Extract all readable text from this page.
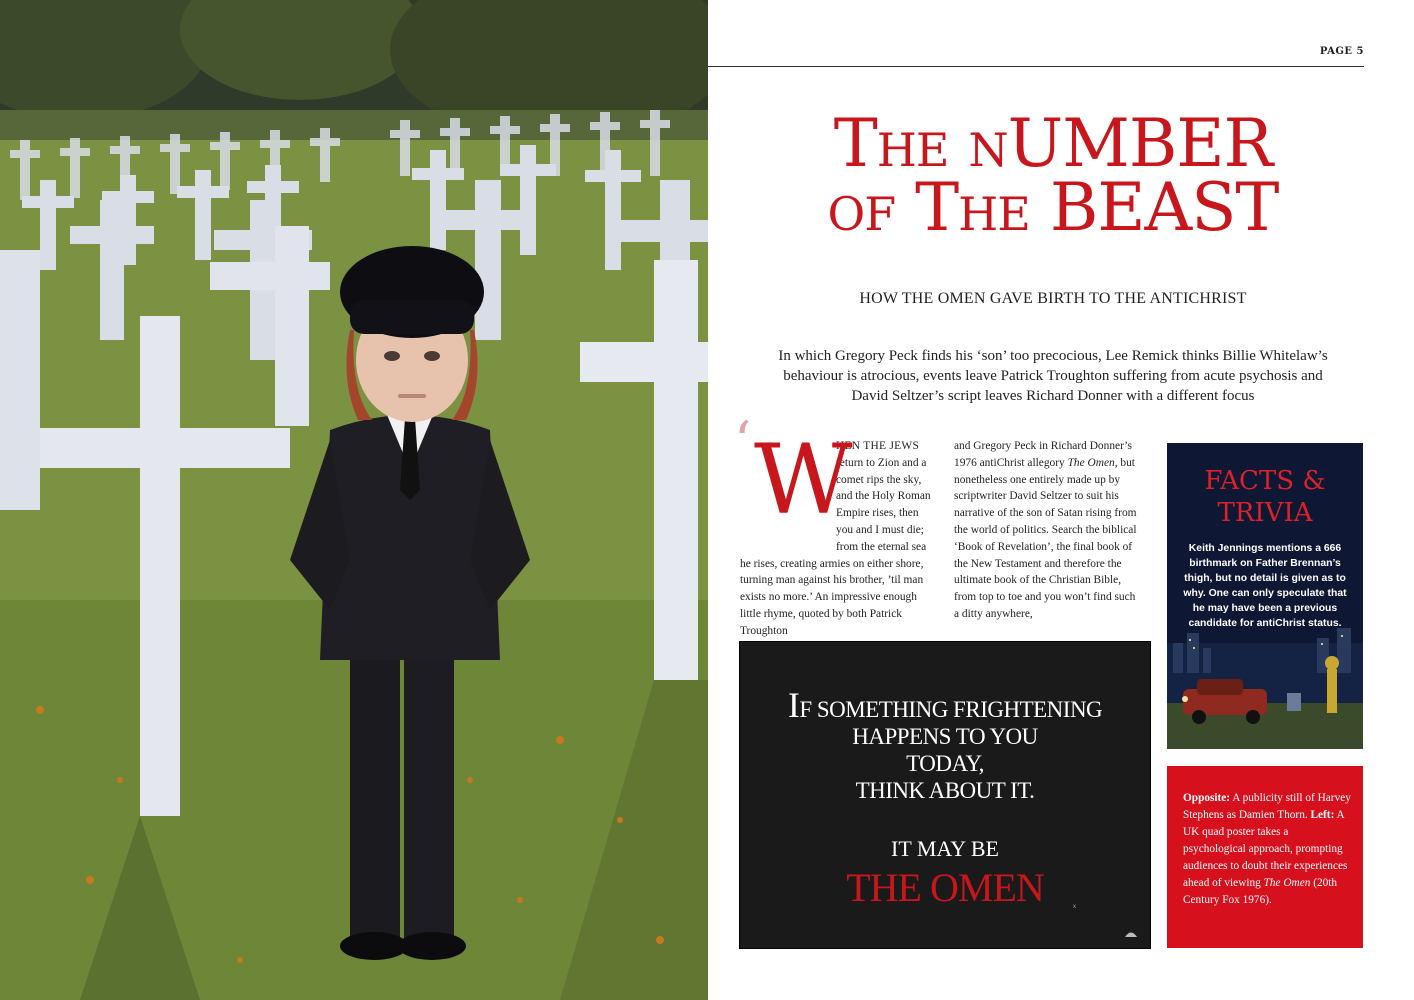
PAGE 5
The nUMBER
of The BEAST
HOW THE OMEN GAVE BIRTH TO THE ANTICHRIST
In which Gregory Peck finds his ‘son’ too precocious, Lee Remick thinks Billie Whitelaw’s behaviour is atrocious, events leave Patrick Troughton suffering from acute psychosis and David Seltzer’s script leaves Richard Donner with a different focus
‘ W
HEN THE JEWS return to Zion and a comet rips the sky, and the Holy Roman Empire rises, then you and I must die; from the eternal sea he rises, creating armies on either shore, turning man against his brother, ’til man exists no more.’ An impressive enough little rhyme, quoted by both Patrick Troughton
and Gregory Peck in Richard Donner’s 1976 antiChrist allegory The Omen, but nonetheless one entirely made up by scriptwriter David Seltzer to suit his narrative of the son of Satan rising from the world of politics. Search the biblical ‘Book of Revelation’, the final book of the New Testament and therefore the ultimate book of the Christian Bible, from top to toe and you won’t find such a ditty anywhere,
IF SOMETHING FRIGHTENING
HAPPENS TO YOU
TODAY,
THINK ABOUT IT.
IT MAY BE
THE OMEN	x
FACTS &
TRIVIA
Keith Jennings mentions a 666 birthmark on Father Brennan’s thigh, but no detail is given as to why. One can only speculate that he may have been a previous candidate for antiChrist status.
Opposite: A publicity still of Harvey Stephens as Damien Thorn. Left: A UK quad poster takes a psychological approach, prompting audiences to doubt their experiences ahead of viewing The Omen (20th Century Fox 1976).
